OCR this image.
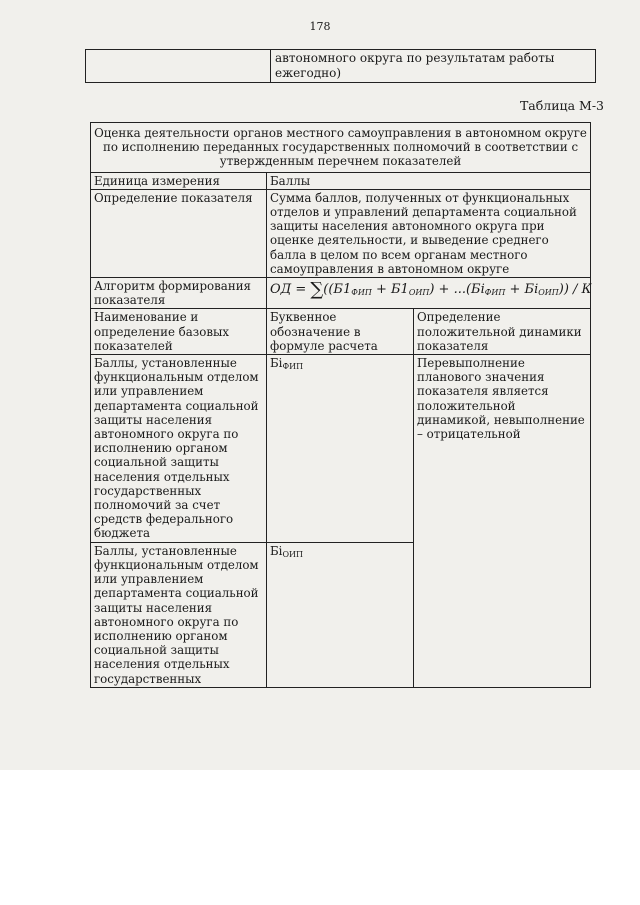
178
	автономного округа по результатам работы ежегодно)
Таблица М-3
Оценка деятельности органов местного самоуправления в автономном округе по исполнению переданных государственных полномочий в соответствии с утвержденным перечнем показателей		
Единица измерения	Баллы	
Определение показателя	Сумма баллов, полученных от функциональных отделов и управлений департамента социальной защиты населения автономного округа при оценке деятельности, и выведение среднего балла в целом по всем органам местного самоуправления в автономном округе	
Алгоритм формирования показателя	ОД = $\sum((Б1_{ФИП} + Б1_{ОИП}) + ...(Бi_{ФИП} + Бi_{ОИП})) / К$	
Наименование и определение базовых показателей	Буквенное обозначение в формуле расчета	Определение положительной динамики показателя
Баллы, установленные функциональным отделом или управлением департамента социальной защиты населения автономного округа по исполнению органом социальной защиты населения отдельных государственных полномочий за счет средств федерального бюджета	$Бi_{ФИП}$	Перевыполнение планового значения показателя является положительной динамикой, невыполнение – отрицательной
Баллы, установленные функциональным отделом или управлением департамента социальной защиты населения автономного округа по исполнению органом социальной защиты населения отдельных государственных	$Бi_{ОИП}$
